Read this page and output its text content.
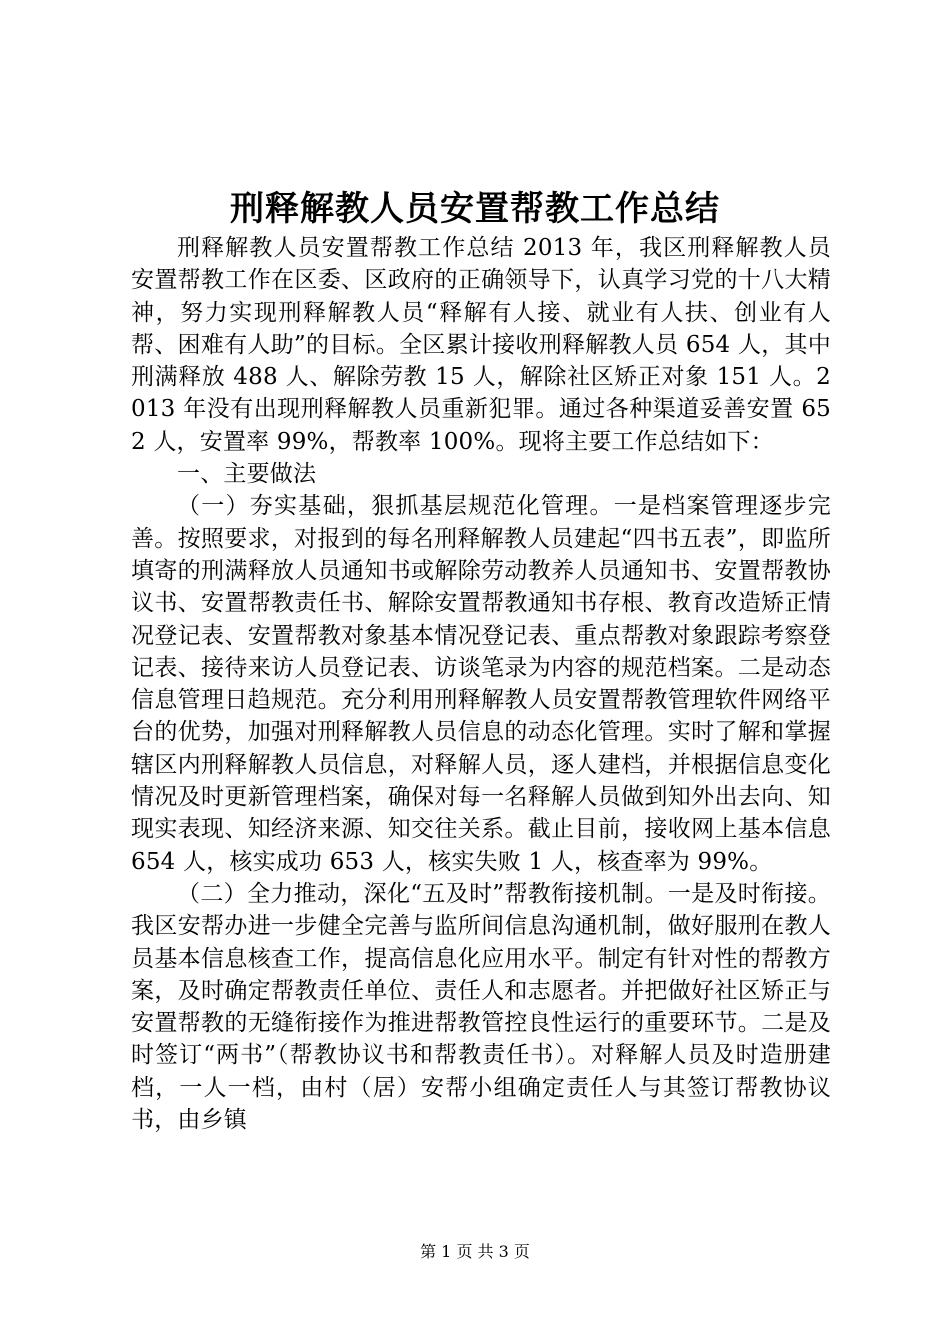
刑释解教人员安置帮教工作总结

刑释解教人员安置帮教工作总结 2013 年，我区刑释解教人员安置帮教工作在区委、区政府的正确领导下，认真学习党的十八大精神，努力实现刑释解教人员“释解有人接、就业有人扶、创业有人帮、困难有人助”的目标。全区累计接收刑释解教人员 654 人，其中刑满释放 488 人、解除劳教 15 人，解除社区矫正对象 151 人。2013 年没有出现刑释解教人员重新犯罪。通过各种渠道妥善安置 652 人，安置率 99%，帮教率 100%。现将主要工作总结如下：

一、主要做法

（一）夯实基础，狠抓基层规范化管理。一是档案管理逐步完善。按照要求，对报到的每名刑释解教人员建起“四书五表”，即监所填寄的刑满释放人员通知书或解除劳动教养人员通知书、安置帮教协议书、安置帮教责任书、解除安置帮教通知书存根、教育改造矫正情况登记表、安置帮教对象基本情况登记表、重点帮教对象跟踪考察登记表、接待来访人员登记表、访谈笔录为内容的规范档案。二是动态信息管理日趋规范。充分利用刑释解教人员安置帮教管理软件网络平台的优势，加强对刑释解教人员信息的动态化管理。实时了解和掌握辖区内刑释解教人员信息，对释解人员，逐人建档，并根据信息变化情况及时更新管理档案，确保对每一名释解人员做到知外出去向、知现实表现、知经济来源、知交往关系。截止目前，接收网上基本信息 654 人，核实成功 653 人，核实失败 1 人，核查率为 99%。

（二）全力推动，深化“五及时”帮教衔接机制。一是及时衔接。我区安帮办进一步健全完善与监所间信息沟通机制，做好服刑在教人员基本信息核查工作，提高信息化应用水平。制定有针对性的帮教方案，及时确定帮教责任单位、责任人和志愿者。并把做好社区矫正与安置帮教的无缝衔接作为推进帮教管控良性运行的重要环节。二是及时签订“两书”（帮教协议书和帮教责任书）。对释解人员及时造册建档，一人一档，由村（居）安帮小组确定责任人与其签订帮教协议书，由乡镇

第 1 页 共 3 页
